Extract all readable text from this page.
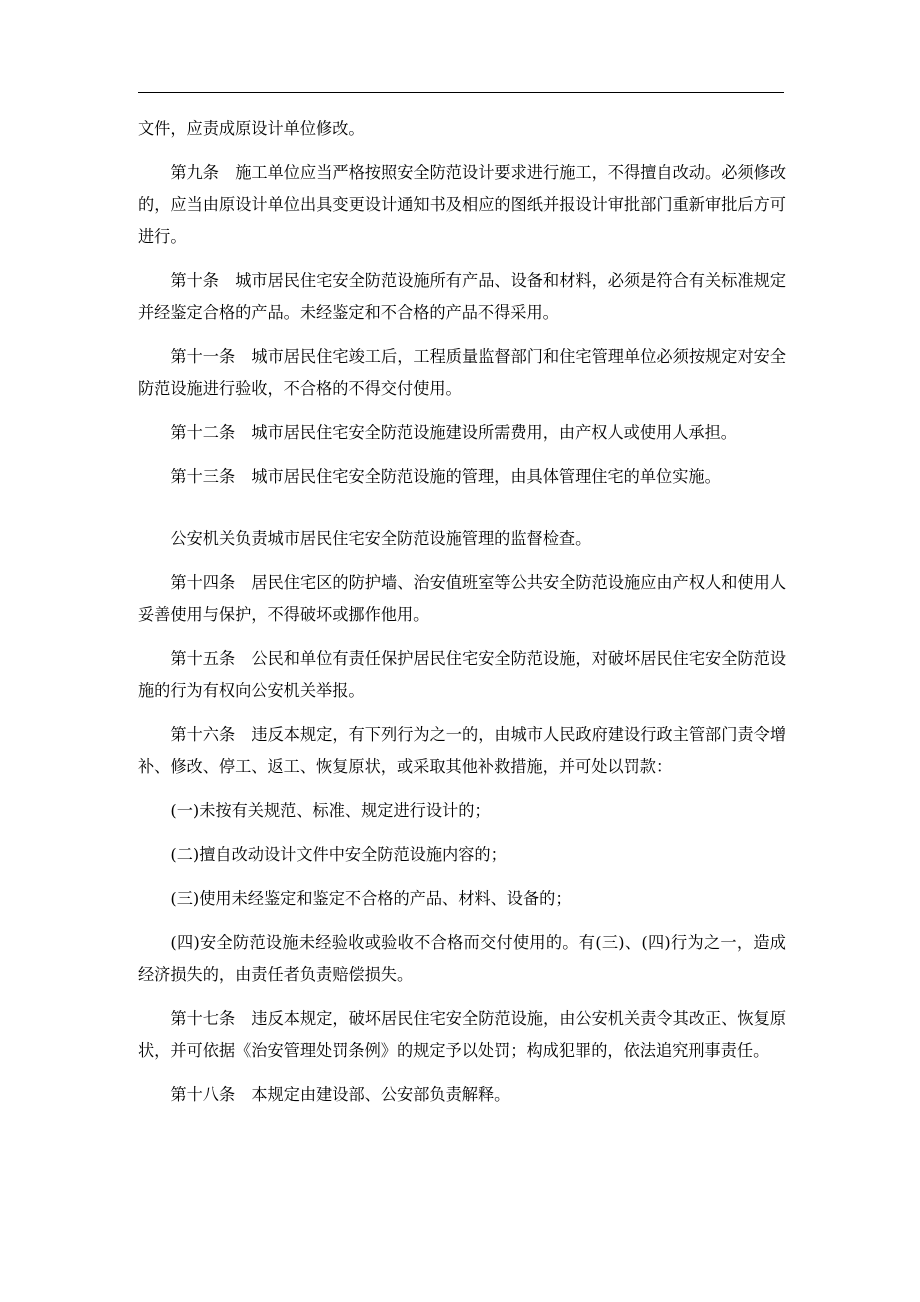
文件，应责成原设计单位修改。

第九条 施工单位应当严格按照安全防范设计要求进行施工，不得擅自改动。必须修改的，应当由原设计单位出具变更设计通知书及相应的图纸并报设计审批部门重新审批后方可进行。

第十条 城市居民住宅安全防范设施所有产品、设备和材料，必须是符合有关标准规定并经鉴定合格的产品。未经鉴定和不合格的产品不得采用。

第十一条 城市居民住宅竣工后，工程质量监督部门和住宅管理单位必须按规定对安全防范设施进行验收，不合格的不得交付使用。

第十二条 城市居民住宅安全防范设施建设所需费用，由产权人或使用人承担。

第十三条 城市居民住宅安全防范设施的管理，由具体管理住宅的单位实施。

公安机关负责城市居民住宅安全防范设施管理的监督检查。

第十四条 居民住宅区的防护墙、治安值班室等公共安全防范设施应由产权人和使用人妥善使用与保护，不得破坏或挪作他用。

第十五条 公民和单位有责任保护居民住宅安全防范设施，对破坏居民住宅安全防范设施的行为有权向公安机关举报。

第十六条 违反本规定，有下列行为之一的，由城市人民政府建设行政主管部门责令增补、修改、停工、返工、恢复原状，或采取其他补救措施，并可处以罚款：

(一)未按有关规范、标准、规定进行设计的；

(二)擅自改动设计文件中安全防范设施内容的；

(三)使用未经鉴定和鉴定不合格的产品、材料、设备的；

(四)安全防范设施未经验收或验收不合格而交付使用的。有(三)、(四)行为之一，造成经济损失的，由责任者负责赔偿损失。

第十七条 违反本规定，破坏居民住宅安全防范设施，由公安机关责令其改正、恢复原状，并可依据《治安管理处罚条例》的规定予以处罚；构成犯罪的，依法追究刑事责任。

第十八条 本规定由建设部、公安部负责解释。
